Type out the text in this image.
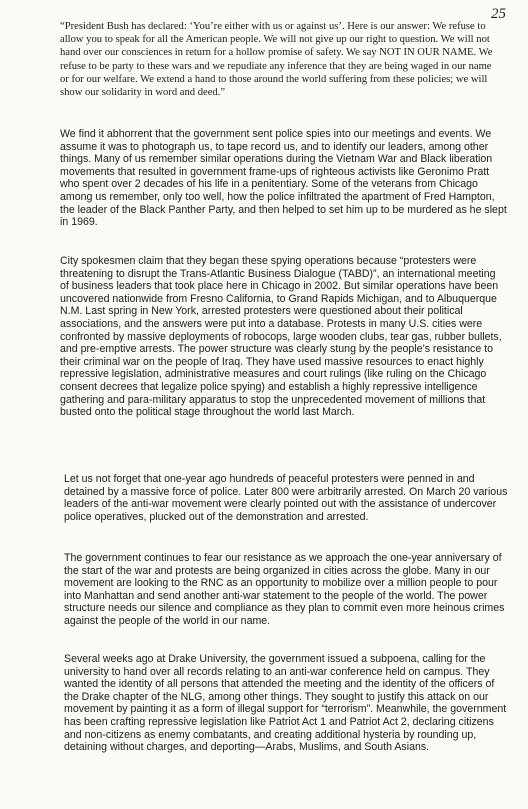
25

“President Bush has declared: ‘You’re either with us or against us’. Here is our answer: We refuse to allow you to speak for all the American people. We will not give up our right to question. We will not hand over our consciences in return for a hollow promise of safety. We say NOT IN OUR NAME. We refuse to be party to these wars and we repudiate any inference that they are being waged in our name or for our welfare. We extend a hand to those around the world suffering from these policies; we will show our solidarity in word and deed.”

We find it abhorrent that the government sent police spies into our meetings and events. We assume it was to photograph us, to tape record us, and to identify our leaders, among other things. Many of us remember similar operations during the Vietnam War and Black liberation movements that resulted in government frame-ups of righteous activists like Geronimo Pratt who spent over 2 decades of his life in a penitentiary. Some of the veterans from Chicago among us remember, only too well, how the police infiltrated the apartment of Fred Hampton, the leader of the Black Panther Party, and then helped to set him up to be murdered as he slept in 1969.

City spokesmen claim that they began these spying operations because “protesters were threatening to disrupt the Trans-Atlantic Business Dialogue (TABD)”, an international meeting of business leaders that took place here in Chicago in 2002. But similar operations have been uncovered nationwide from Fresno California, to Grand Rapids Michigan, and to Albuquerque N.M. Last spring in New York, arrested protesters were questioned about their political associations, and the answers were put into a database. Protests in many U.S. cities were confronted by massive deployments of robocops, large wooden clubs, tear gas, rubber bullets, and pre-emptive arrests. The power structure was clearly stung by the people’s resistance to their criminal war on the people of Iraq. They have used massive resources to enact highly repressive legislation, administrative measures and court rulings (like ruling on the Chicago consent decrees that legalize police spying) and establish a highly repressive intelligence gathering and para-military apparatus to stop the unprecedented movement of millions that busted onto the political stage throughout the world last March.

Let us not forget that one-year ago hundreds of peaceful protesters were penned in and detained by a massive force of police. Later 800 were arbitrarily arrested. On March 20 various leaders of the anti-war movement were clearly pointed out with the assistance of undercover police operatives, plucked out of the demonstration and arrested.

The government continues to fear our resistance as we approach the one-year anniversary of the start of the war and protests are being organized in cities across the globe. Many in our movement are looking to the RNC as an opportunity to mobilize over a million people to pour into Manhattan and send another anti-war statement to the people of the world. The power structure needs our silence and compliance as they plan to commit even more heinous crimes against the people of the world in our name.

Several weeks ago at Drake University, the government issued a subpoena, calling for the university to hand over all records relating to an anti-war conference held on campus. They wanted the identity of all persons that attended the meeting and the identity of the officers of the Drake chapter of the NLG, among other things. They sought to justify this attack on our movement by painting it as a form of illegal support for “terrorism”. Meanwhile, the government has been crafting repressive legislation like Patriot Act 1 and Patriot Act 2, declaring citizens and non-citizens as enemy combatants, and creating additional hysteria by rounding up, detaining without charges, and deporting—Arabs, Muslims, and South Asians.
